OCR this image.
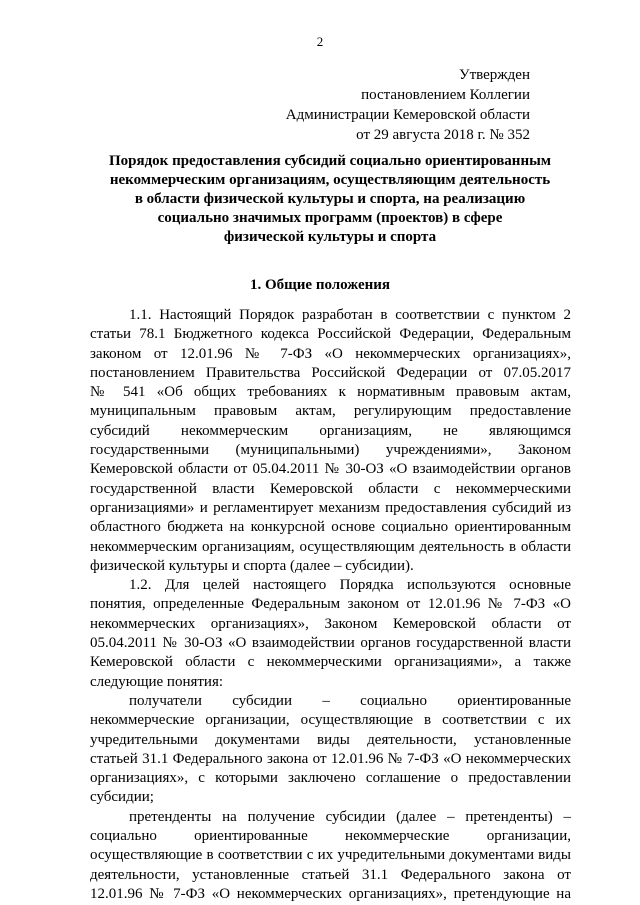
2
Утвержден
постановлением Коллегии
Администрации Кемеровской области
от 29 августа 2018 г. № 352
Порядок предоставления субсидий социально ориентированным
некоммерческим организациям, осуществляющим деятельность
в области физической культуры и спорта, на реализацию
социально значимых программ (проектов) в сфере
физической культуры и спорта
1. Общие положения
1.1. Настоящий Порядок разработан в соответствии с пунктом 2
статьи 78.1 Бюджетного кодекса Российской Федерации, Федеральным
законом от 12.01.96 № 7-ФЗ «О некоммерческих организациях»,
постановлением Правительства Российской Федерации от 07.05.2017
№ 541 «Об общих требованиях к нормативным правовым актам,
муниципальным правовым актам, регулирующим предоставление
субсидий некоммерческим организациям, не являющимся
государственными (муниципальными) учреждениями», Законом
Кемеровской области от 05.04.2011 № 30-ОЗ «О взаимодействии органов
государственной власти Кемеровской области с некоммерческими
организациями» и регламентирует механизм предоставления субсидий из
областного бюджета на конкурсной основе социально ориентированным
некоммерческим организациям, осуществляющим деятельность в области
физической культуры и спорта (далее – субсидии).
1.2. Для целей настоящего Порядка используются основные
понятия, определенные Федеральным законом от 12.01.96 № 7-ФЗ «О
некоммерческих организациях», Законом Кемеровской области от
05.04.2011 № 30-ОЗ «О взаимодействии органов государственной власти
Кемеровской области с некоммерческими организациями», а также
следующие понятия:
получатели субсидии – социально ориентированные
некоммерческие организации, осуществляющие в соответствии с их
учредительными документами виды деятельности, установленные
статьей 31.1 Федерального закона от 12.01.96 № 7-ФЗ «О некоммерческих
организациях», с которыми заключено соглашение о предоставлении
субсидии;
претенденты на получение субсидии (далее – претенденты) –
социально ориентированные некоммерческие организации,
осуществляющие в соответствии с их учредительными документами виды
деятельности, установленные статьей 31.1 Федерального закона от
12.01.96 № 7-ФЗ «О некоммерческих организациях», претендующие на
